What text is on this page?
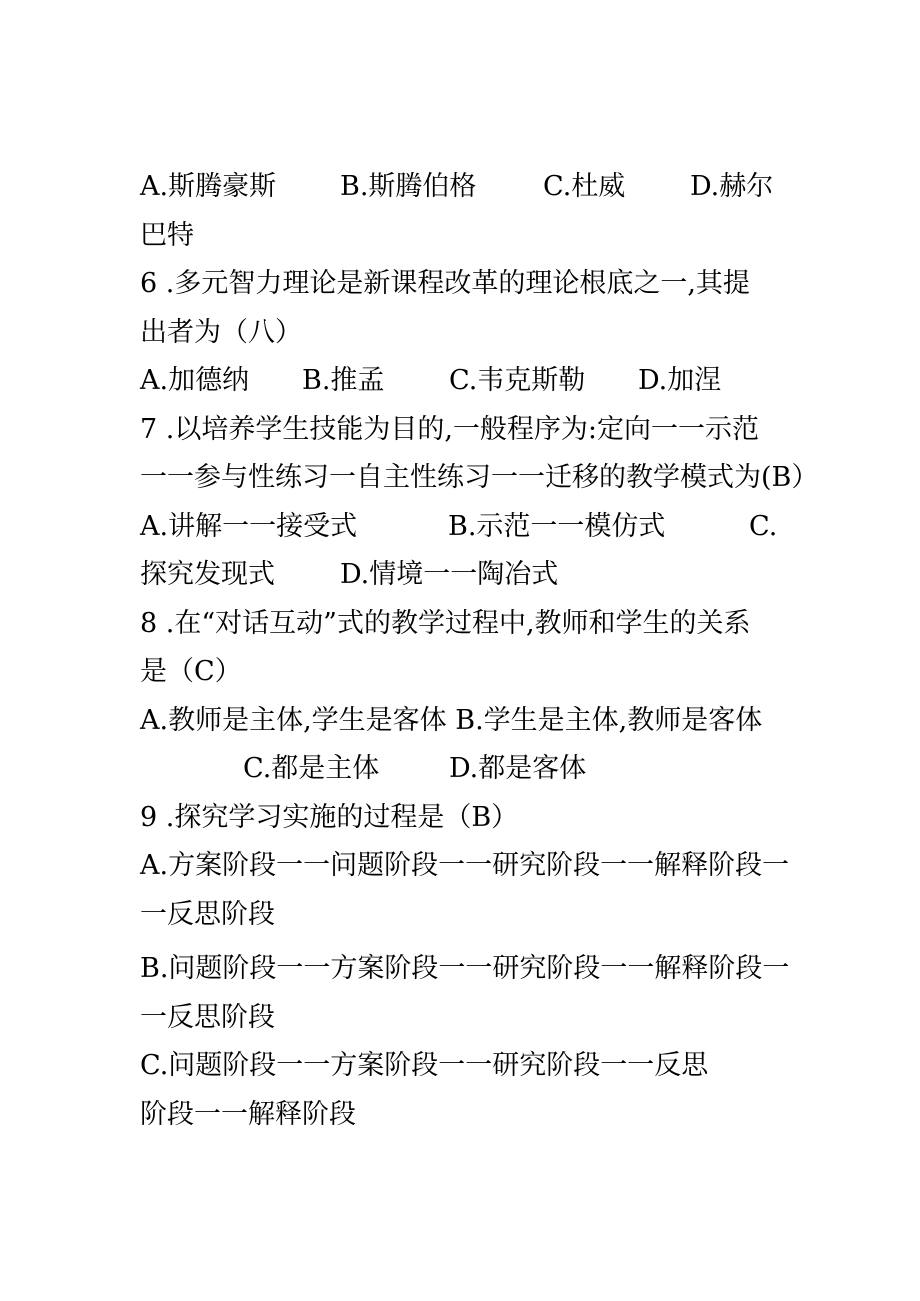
A.斯腾豪斯 B.斯腾伯格 C.杜威 D.赫尔
巴特
6 .多元智力理论是新课程改革的理论根底之一,其提
出者为（八）
A.加德纳 B.推孟 C.韦克斯勒 D.加涅
7 .以培养学生技能为目的,一般程序为:定向一一示范
一一参与性练习一自主性练习一一迁移的教学模式为(B）
A.讲解一一接受式	B.示范一一模仿式	C.
探究发现式 D.情境一一陶冶式
8 .在“对话互动”式的教学过程中,教师和学生的关系
是（C）
A.教师是主体,学生是客体 B.学生是主体,教师是客体
C.都是主体	D.都是客体
9 .探究学习实施的过程是（B）
A.方案阶段一一问题阶段一一研究阶段一一解释阶段一
一反思阶段
B.问题阶段一一方案阶段一一研究阶段一一解释阶段一
一反思阶段
C.问题阶段一一方案阶段一一研究阶段一一反思
阶段一一解释阶段
